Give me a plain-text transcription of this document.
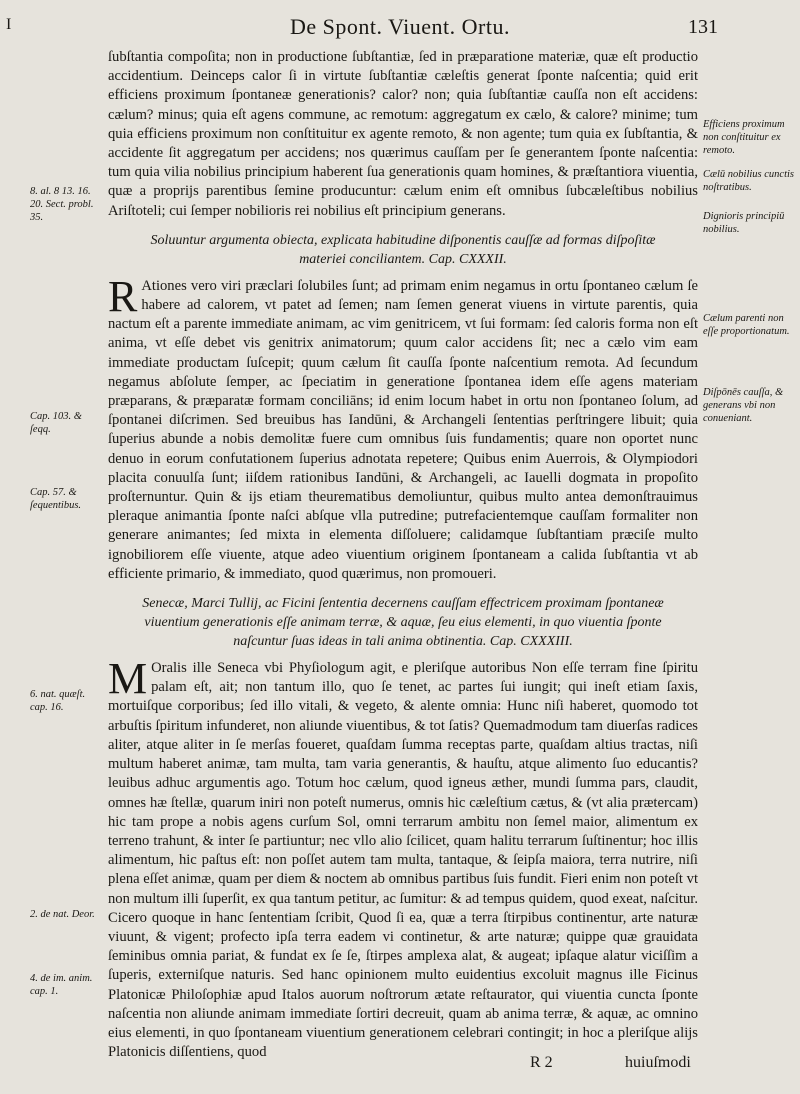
I	De Spont. Viuent. Ortu.	131

ſubſtantia compoſita; non in productione ſubſtantiæ, ſed in præparatione materiæ, quæ eſt productio accidentium. Deinceps calor ſi in virtute ſubſtantiæ cæleſtis generat ſponte naſcentia; quid erit efficiens proximum ſpontaneæ generationis? calor? non; quia ſubſtantiæ cauſſa non eſt accidens: cælum? minus; quia eſt agens commune, ac remotum: aggregatum ex cælo, & calore? minime; tum quia efficiens proximum non conſtituitur ex agente remoto, & non agente; tum quia ex ſubſtantia, & accidente ſit aggregatum per accidens; nos quærimus cauſſam per ſe generantem ſponte naſcentia: tum quia vilia nobilius principium haberent ſua generationis quam homines, & præſtantiora viuentia, quæ a proprijs parentibus ſemine producuntur: cælum enim eſt omnibus ſubcæleſtibus nobilius Ariſtoteli; cui ſemper nobilioris rei nobilius eſt principium generans.

Soluuntur argumenta obiecta, explicata habitudine diſponentis cauſſæ ad formas diſpoſitæ materiei conciliantem. Cap. CXXXII.

R Ationes vero viri præclari ſolubiles ſunt; ad primam enim negamus in ortu ſpontaneo cælum ſe habere ad calorem, vt patet ad ſemen; nam ſemen generat viuens in virtute parentis, quia nactum eſt a parente immediate animam, ac vim genitricem, vt ſui formam: ſed caloris forma non eſt anima, vt eſſe debet vis genitrix animatorum; quum calor accidens ſit; nec a cælo vim eam immediate productam ſuſcepit; quum cælum ſit cauſſa ſponte naſcentium remota. Ad ſecundum negamus abſolute ſemper, ac ſpeciatim in generatione ſpontanea idem eſſe agens materiam præparans, & præparatæ formam conciliāns; id enim locum habet in ortu non ſpontaneo ſolum, ad ſpontanei diſcrimen. Sed breuibus has Iandūni, & Archangeli ſententias perſtringere libuit; quia ſuperius abunde a nobis demolitæ fuere cum omnibus ſuis fundamentis; quare non oportet nunc denuo in eorum confutationem ſuperius adnotata repetere; Quibus enim Auerrois, & Olympiodori placita conuulſa ſunt; iiſdem rationibus Iandūni, & Archangeli, ac Iauelli dogmata in propoſito proſternuntur. Quin & ijs etiam theurematibus demoliuntur, quibus multo antea demonſtrauimus pleraque animantia ſponte naſci abſque vlla putredine; putrefacientemque cauſſam formaliter non generare animantes; ſed mixta in elementa diſſoluere; calidamque ſubſtantiam præciſe multo ignobiliorem eſſe viuente, atque adeo viuentium originem ſpontaneam a calida ſubſtantia vt ab efficiente primario, & immediato, quod quærimus, non promoueri.

Senecæ, Marci Tullij, ac Ficini ſententia decernens cauſſam effectricem proximam ſpontaneæ viuentium generationis eſſe animam terræ, & aquæ, ſeu eius elementi, in quo viuentia ſponte naſcuntur ſuas ideas in tali anima obtinentia. Cap. CXXXIII.

M Oralis ille Seneca vbi Phyſiologum agit, e pleriſque autoribus Non eſſe terram fine ſpiritu palam eſt, ait; non tantum illo, quo ſe tenet, ac partes ſui iungit; qui ineſt etiam ſaxis, mortuiſque corporibus; ſed illo vitali, & vegeto, & alente omnia: Hunc niſi haberet, quomodo tot arbuſtis ſpiritum infunderet, non aliunde viuentibus, & tot ſatis? Quemadmodum tam diuerſas radices aliter, atque aliter in ſe merſas foueret, quaſdam ſumma receptas parte, quaſdam altius tractas, niſi multum haberet animæ, tam multa, tam varia generantis, & hauſtu, atque alimento ſuo educantis? leuibus adhuc argumentis ago. Totum hoc cælum, quod igneus æther, mundi ſumma pars, claudit, omnes hæ ſtellæ, quarum iniri non poteſt numerus, omnis hic cæleſtium cætus, & (vt alia prætercam) hic tam prope a nobis agens curſum Sol, omni terrarum ambitu non ſemel maior, alimentum ex terreno trahunt, & inter ſe partiuntur; nec vllo alio ſcilicet, quam halitu terrarum ſuſtinentur; hoc illis alimentum, hic paſtus eſt: non poſſet autem tam multa, tantaque, & ſeipſa maiora, terra nutrire, niſi plena eſſet animæ, quam per diem & noctem ab omnibus partibus ſuis fundit. Fieri enim non poteſt vt non multum illi ſuperſit, ex qua tantum petitur, ac ſumitur: & ad tempus quidem, quod exeat, naſcitur. Cicero quoque in hanc ſententiam ſcribit, Quod ſi ea, quæ a terra ſtirpibus continentur, arte naturæ viuunt, & vigent; profecto ipſa terra eadem vi continetur, & arte naturæ; quippe quæ grauidata ſeminibus omnia pariat, & fundat ex ſe ſe, ſtirpes amplexa alat, & augeat; ipſaque alatur viciſſim a ſuperis, externiſque naturis. Sed hanc opinionem multo euidentius excoluit magnus ille Ficinus Platonicæ Philoſophiæ apud Italos auorum noſtrorum ætate reſtaurator, qui viuentia cuncta ſponte naſcentia non aliunde animam immediate ſortiri decreuit, quam ab anima terræ, & aquæ, ac omnino eius elementi, in quo ſpontaneam viuentium generationem celebrari contingit; in hoc a pleriſque alijs Platonicis diſſentiens, quod

8. al. 8 13. 16. 20. Sect. probl. 35.
Cap. 103. & ſeqq.
Cap. 57. & ſequentibus.
6. nat. quæſt. cap. 16.
2. de nat. Deor.
4. de im. anim. cap. 1.
Efficiens proximum non conſtituitur ex remoto.
Cælū nobilius cunctis noſtratibus.
Dignioris principiū nobilius.
Cælum parenti non eſſe proportionatum.
Diſpōnēs cauſſa, & generans vbi non conueniant.
R 2	huiuſmodi
